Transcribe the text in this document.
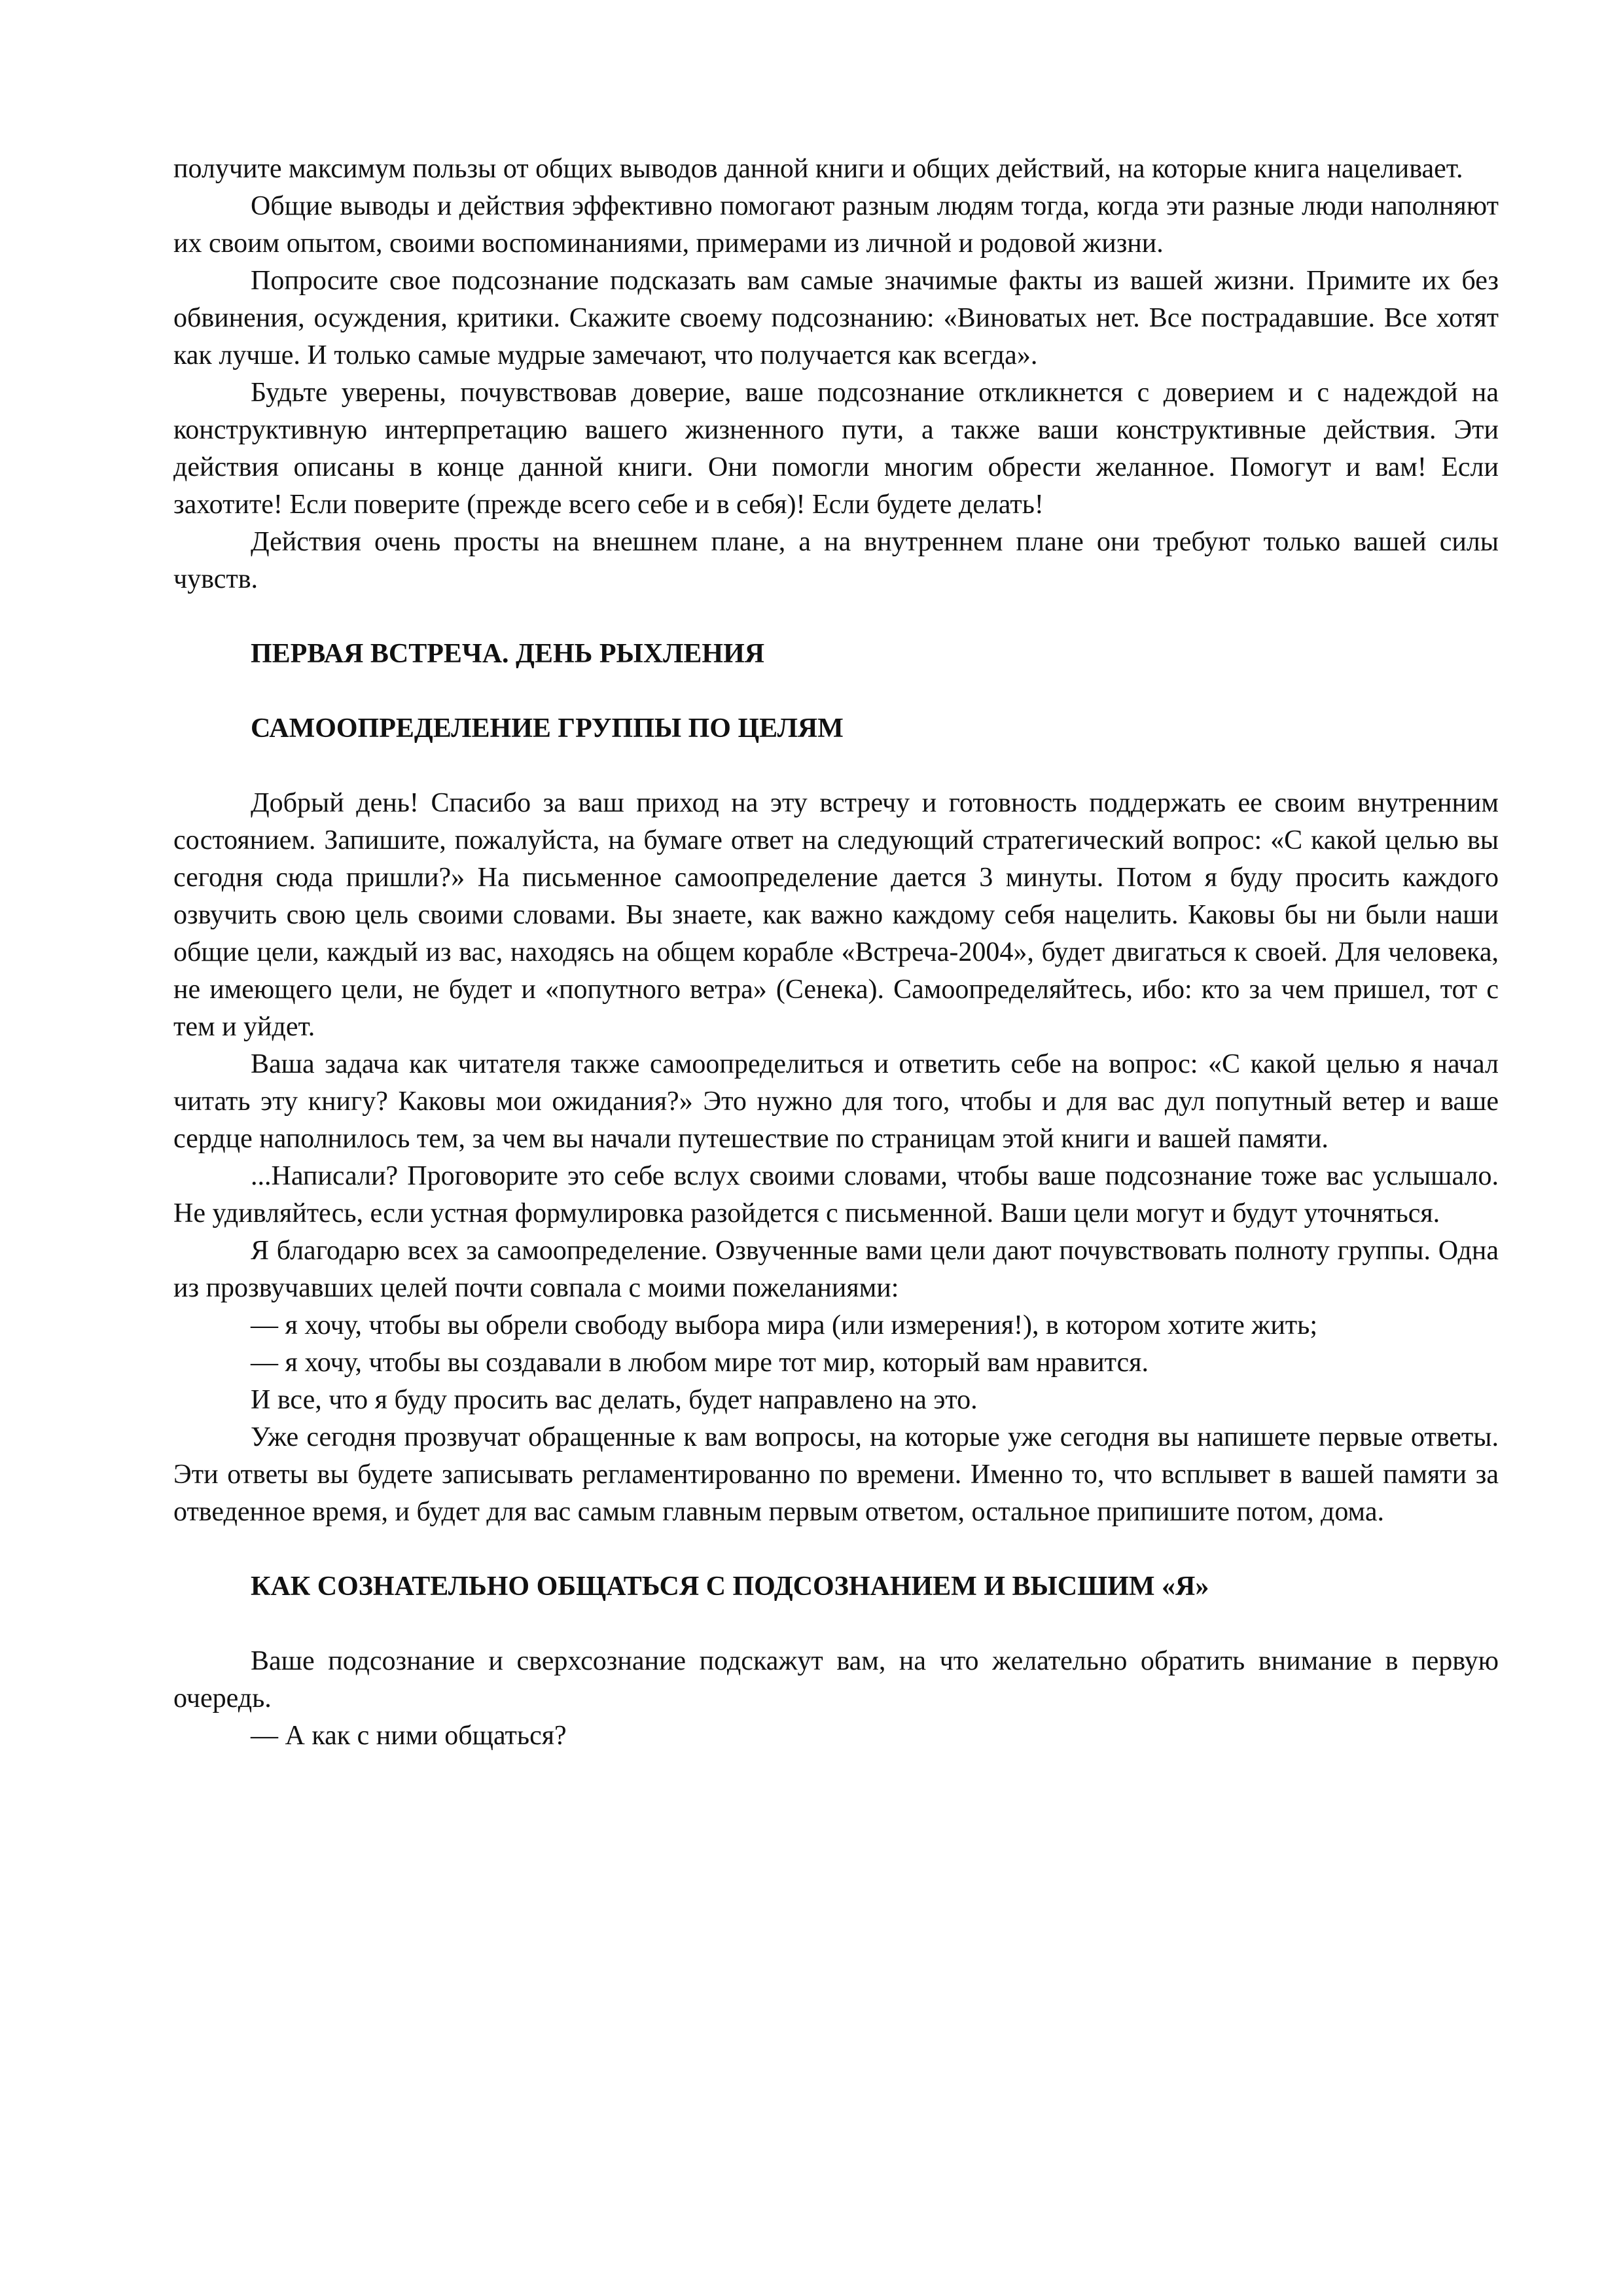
получите максимум пользы от общих выводов данной книги и общих действий, на которые книга нацеливает.

Общие выводы и действия эффективно помогают разным людям тогда, когда эти разные люди наполняют их своим опытом, своими воспоминаниями, примерами из личной и родовой жизни.

Попросите свое подсознание подсказать вам самые значимые факты из вашей жизни. Примите их без обвинения, осуждения, критики. Скажите своему подсознанию: «Виноватых нет. Все пострадавшие. Все хотят как лучше. И только самые мудрые замечают, что получается как всегда».

Будьте уверены, почувствовав доверие, ваше подсознание откликнется с доверием и с надеждой на конструктивную интерпретацию вашего жизненного пути, а также ваши конструктивные действия. Эти действия описаны в конце данной книги. Они помогли многим обрести желанное. Помогут и вам! Если захотите! Если поверите (прежде всего себе и в себя)! Если будете делать!

Действия очень просты на внешнем плане, а на внутреннем плане они требуют только вашей силы чувств.

ПЕРВАЯ ВСТРЕЧА. ДЕНЬ РЫХЛЕНИЯ
САМООПРЕДЕЛЕНИЕ ГРУППЫ ПО ЦЕЛЯМ

Добрый день! Спасибо за ваш приход на эту встречу и готовность поддержать ее своим внутренним состоянием. Запишите, пожалуйста, на бумаге ответ на следующий стратегический вопрос: «С какой целью вы сегодня сюда пришли?» На письменное самоопределение дается 3 минуты. Потом я буду просить каждого озвучить свою цель своими словами. Вы знаете, как важно каждому себя нацелить. Каковы бы ни были наши общие цели, каждый из вас, находясь на общем корабле «Встреча-2004», будет двигаться к своей. Для человека, не имеющего цели, не будет и «попутного ветра» (Сенека). Самоопределяйтесь, ибо: кто за чем пришел, тот с тем и уйдет.

Ваша задача как читателя также самоопределиться и ответить себе на вопрос: «С какой целью я начал читать эту книгу? Каковы мои ожидания?» Это нужно для того, чтобы и для вас дул попутный ветер и ваше сердце наполнилось тем, за чем вы начали путешествие по страницам этой книги и вашей памяти.

...Написали? Проговорите это себе вслух своими словами, чтобы ваше подсознание тоже вас услышало. Не удивляйтесь, если устная формулировка разойдется с письменной. Ваши цели могут и будут уточняться.

Я благодарю всех за самоопределение. Озвученные вами цели дают почувствовать полноту группы. Одна из прозвучавших целей почти совпала с моими пожеланиями:

— я хочу, чтобы вы обрели свободу выбора мира (или измерения!), в котором хотите жить;

— я хочу, чтобы вы создавали в любом мире тот мир, который вам нравится.

И все, что я буду просить вас делать, будет направлено на это.

Уже сегодня прозвучат обращенные к вам вопросы, на которые уже сегодня вы напишете первые ответы. Эти ответы вы будете записывать регламентированно по времени. Именно то, что всплывет в вашей памяти за отведенное время, и будет для вас самым главным первым ответом, остальное припишите потом, дома.

КАК СОЗНАТЕЛЬНО ОБЩАТЬСЯ С ПОДСОЗНАНИЕМ И ВЫСШИМ «Я»

Ваше подсознание и сверхсознание подскажут вам, на что желательно обратить внимание в первую очередь.

— А как с ними общаться?
